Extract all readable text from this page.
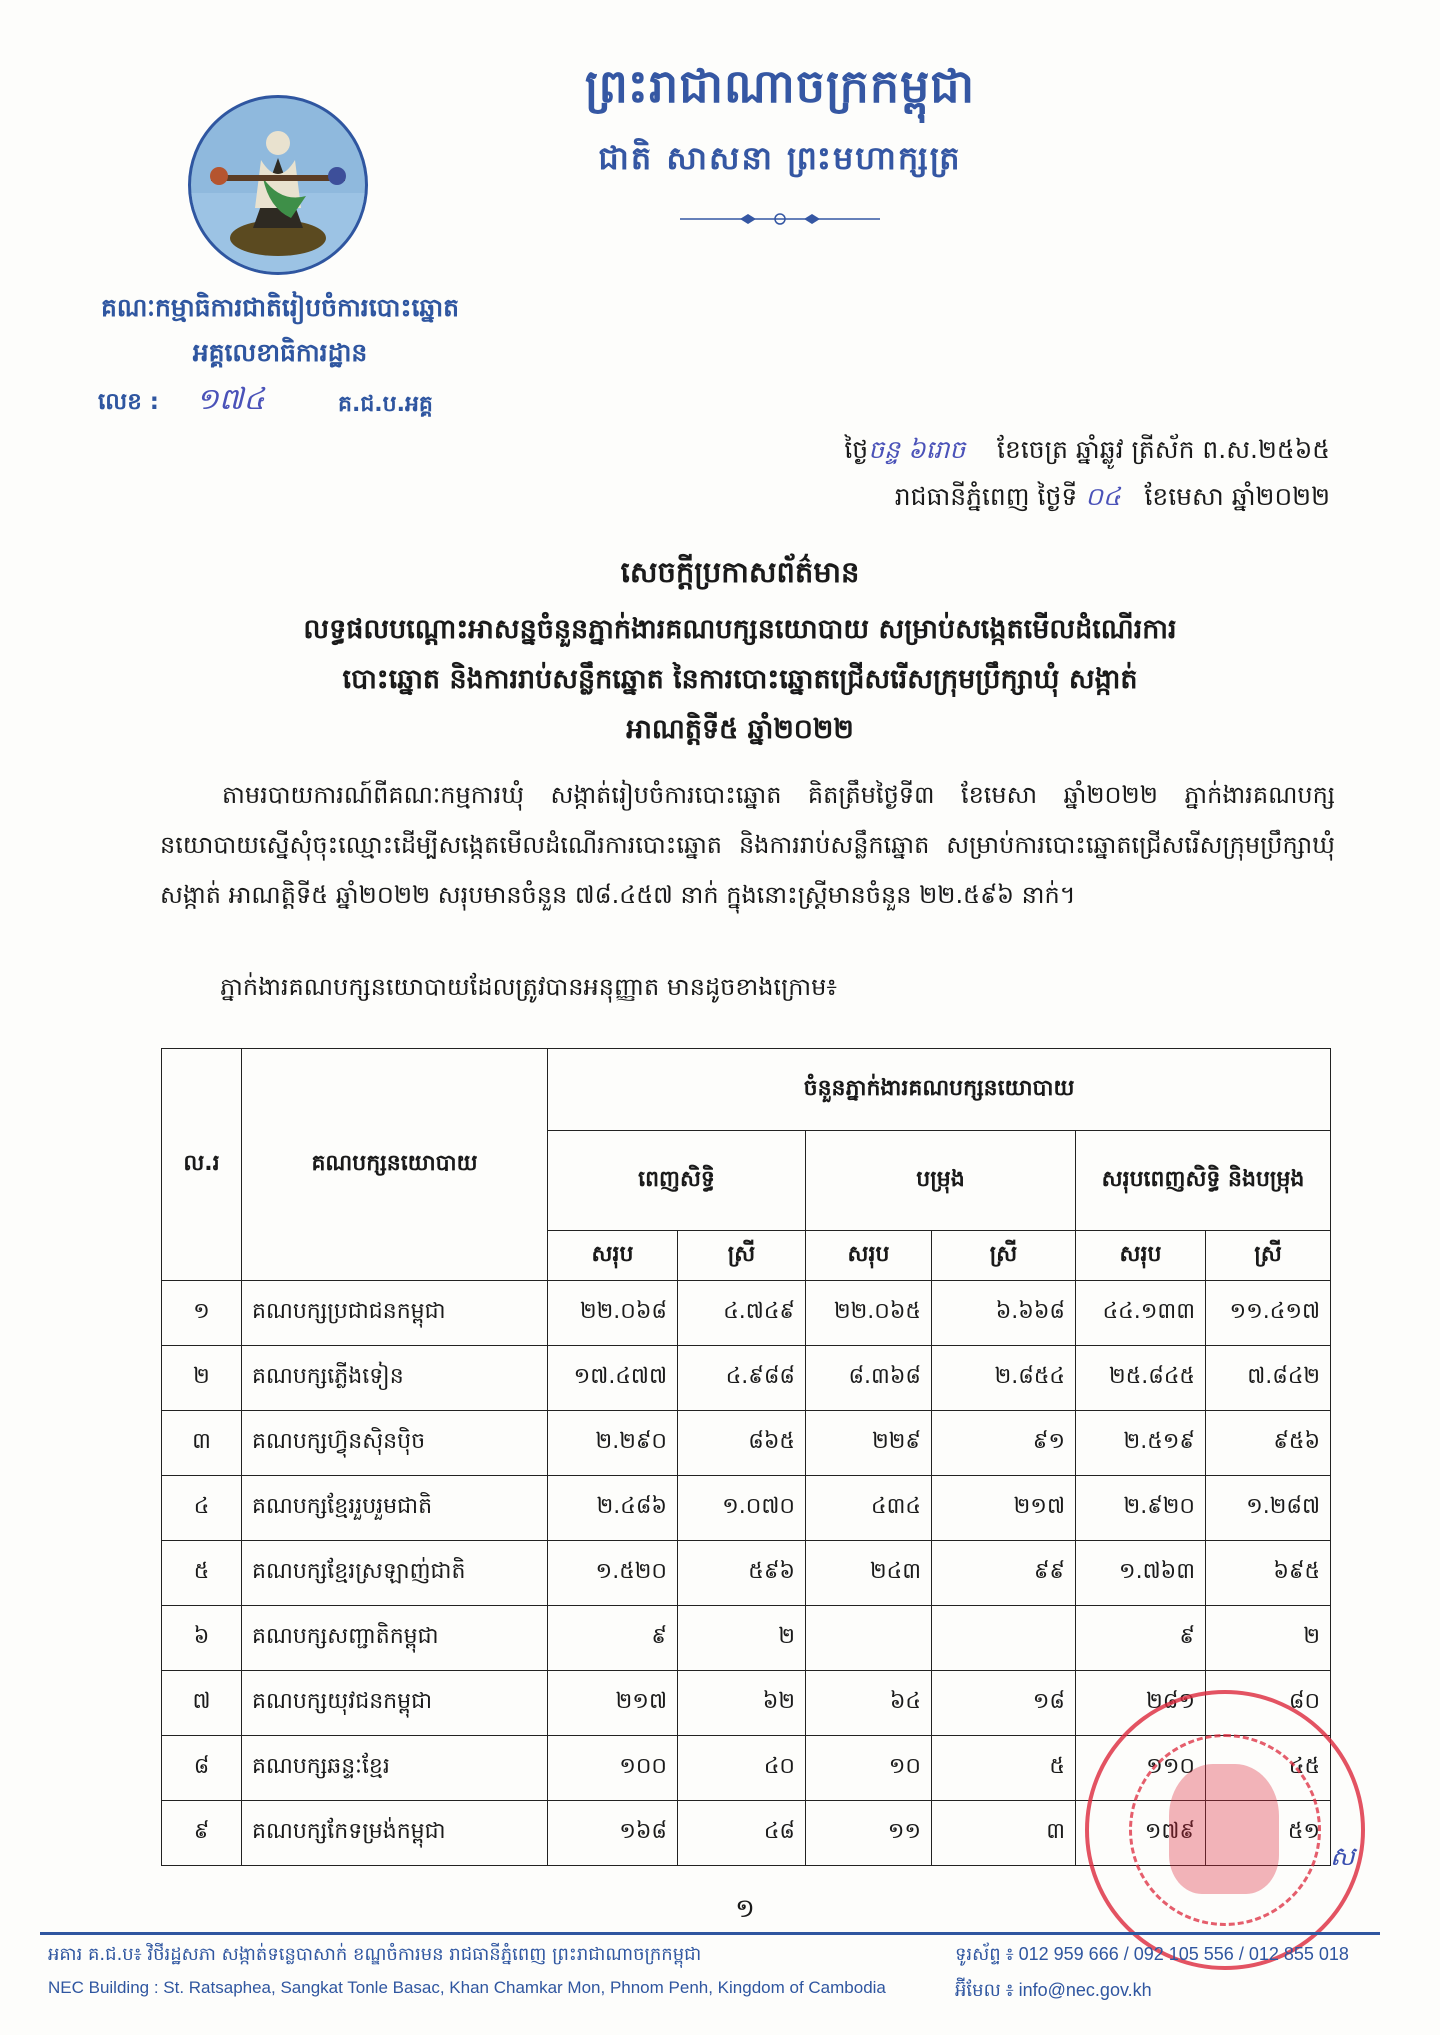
ព្រះរាជាណាចក្រកម្ពុជា
ជាតិ សាសនា ព្រះមហាក្សត្រ
គណៈកម្មាធិការជាតិរៀបចំការបោះឆ្នោត
អគ្គលេខាធិការដ្ឋាន
លេខ : ១៧៤	គ.ជ.ប.អគ្គ
ថ្ងៃចន្ទ ៦រោច ខែចេត្រ ឆ្នាំឆ្លូវ ត្រីស័ក ព.ស.២៥៦៥
រាជធានីភ្នំពេញ ថ្ងៃទី ០៤ ខែមេសា ឆ្នាំ២០២២
សេចក្តីប្រកាសព័ត៌មាន
លទ្ធផលបណ្តោះអាសន្នចំនួនភ្នាក់ងារគណបក្សនយោបាយ សម្រាប់សង្កេតមើលដំណើរការ
បោះឆ្នោត និងការរាប់សន្លឹកឆ្នោត នៃការបោះឆ្នោតជ្រើសរើសក្រុមប្រឹក្សាឃុំ សង្កាត់
អាណត្តិទី៥ ឆ្នាំ២០២២
តាមរបាយការណ៍ពីគណៈកម្មការឃុំ សង្កាត់រៀបចំការបោះឆ្នោត គិតត្រឹមថ្ងៃទី៣ ខែមេសា ឆ្នាំ២០២២ ភ្នាក់ងារគណបក្សនយោបាយស្នើសុំចុះឈ្មោះដើម្បីសង្កេតមើលដំណើរការបោះឆ្នោត និងការរាប់សន្លឹកឆ្នោត សម្រាប់ការបោះឆ្នោតជ្រើសរើសក្រុមប្រឹក្សាឃុំ សង្កាត់ អាណត្តិទី៥ ឆ្នាំ២០២២ សរុបមានចំនួន ៧៨.៤៥៧ នាក់ ក្នុងនោះស្ត្រីមានចំនួន ២២.៥៩៦ នាក់។
ភ្នាក់ងារគណបក្សនយោបាយដែលត្រូវបានអនុញ្ញាត មានដូចខាងក្រោម៖
ល.រ	គណបក្សនយោបាយ	ចំនួនភ្នាក់ងារគណបក្សនយោបាយ					
		ពេញសិទ្ធិ		បម្រុង		សរុបពេញសិទ្ធិ និងបម្រុង	
		សរុប	ស្រី	សរុប	ស្រី	សរុប	ស្រី
១	គណបក្សប្រជាជនកម្ពុជា	២២.០៦៨	៤.៧៤៩	២២.០៦៥	៦.៦៦៨	៤៤.១៣៣	១១.៤១៧
២	គណបក្សភ្លើងទៀន	១៧.៤៧៧	៤.៩៨៨	៨.៣៦៨	២.៨៥៤	២៥.៨៤៥	៧.៨៤២
៣	គណបក្សហ៊្វុនស៊ិនប៉ិច	២.២៩០	៨៦៥	២២៩	៩១	២.៥១៩	៩៥៦
៤	គណបក្សខ្មែររួបរួមជាតិ	២.៤៨៦	១.០៧០	៤៣៤	២១៧	២.៩២០	១.២៨៧
៥	គណបក្សខ្មែរស្រឡាញ់ជាតិ	១.៥២០	៥៩៦	២៤៣	៩៩	១.៧៦៣	៦៩៥
៦	គណបក្សសញ្ជាតិកម្ពុជា	៩	២			៩	២
៧	គណបក្សយុវជនកម្ពុជា	២១៧	៦២	៦៤	១៨	២៨១	៨០
៨	គណបក្សឆន្ទៈខ្មែរ	១០០	៤០	១០	៥	១១០	៤៥
៩	គណបក្សកែទម្រង់កម្ពុជា	១៦៨	៤៨	១១	៣	១៧៩	៥១
ស
១
អគារ គ.ជ.ប៖ វិថីរដ្ឋសភា សង្កាត់ទន្លេបាសាក់ ខណ្ឌចំការមន រាជធានីភ្នំពេញ ព្រះរាជាណាចក្រកម្ពុជា
NEC Building : St. Ratsaphea, Sangkat Tonle Basac, Khan Chamkar Mon, Phnom Penh, Kingdom of Cambodia
ទូរស័ព្ទ ៖ 012 959 666 / 092 105 556 / 012 855 018
អ៊ីមែល ៖ info@nec.gov.kh
